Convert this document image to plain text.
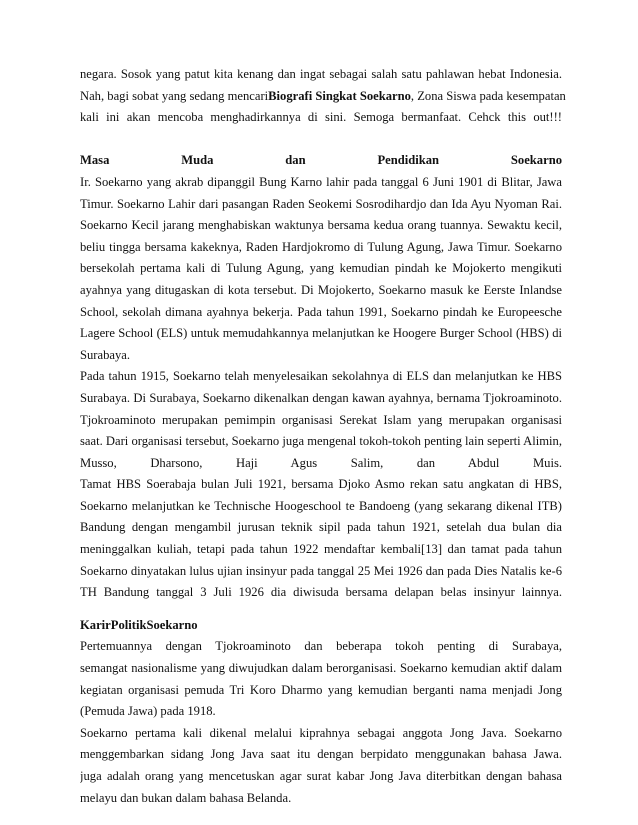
negara. Sosok yang patut kita kenang dan ingat sebagai salah satu pahlawan hebat Indonesia.
Nah, bagi sobat yang sedang mencariBiografi Singkat Soekarno, Zona Siswa pada kesempatan
kali ini akan mencoba menghadirkannya di sini. Semoga bermanfaat. Cehck this out!!!
Masa Muda dan Pendidikan Soekarno
Ir. Soekarno yang akrab dipanggil Bung Karno lahir pada tanggal 6 Juni 1901 di Blitar, Jawa
Timur. Soekarno Lahir dari pasangan Raden Seokemi Sosrodihardjo dan Ida Ayu Nyoman Rai.
Soekarno Kecil jarang menghabiskan waktunya bersama kedua orang tuannya. Sewaktu kecil,
beliu tingga bersama kakeknya, Raden Hardjokromo di Tulung Agung, Jawa Timur. Soekarno
bersekolah pertama kali di Tulung Agung, yang kemudian pindah ke Mojokerto mengikuti
ayahnya yang ditugaskan di kota tersebut. Di Mojokerto, Soekarno masuk ke Eerste Inlandse
School, sekolah dimana ayahnya bekerja. Pada tahun 1991, Soekarno pindah ke Europeesche
Lagere School (ELS) untuk memudahkannya melanjutkan ke Hoogere Burger School (HBS) di
Surabaya.
Pada tahun 1915, Soekarno telah menyelesaikan sekolahnya di ELS dan melanjutkan ke HBS
Surabaya. Di Surabaya, Soekarno dikenalkan dengan kawan ayahnya, bernama Tjokroaminoto.
Tjokroaminoto merupakan pemimpin organisasi Serekat Islam yang merupakan organisasi
saat. Dari organisasi tersebut, Soekarno juga mengenal tokoh-tokoh penting lain seperti Alimin,
Musso, Dharsono, Haji Agus Salim, dan Abdul Muis.
Tamat HBS Soerabaja bulan Juli 1921, bersama Djoko Asmo rekan satu angkatan di HBS,
Soekarno melanjutkan ke Technische Hoogeschool te Bandoeng (yang sekarang dikenal ITB)
Bandung dengan mengambil jurusan teknik sipil pada tahun 1921, setelah dua bulan dia
meninggalkan kuliah, tetapi pada tahun 1922 mendaftar kembali[13] dan tamat pada tahun
Soekarno dinyatakan lulus ujian insinyur pada tanggal 25 Mei 1926 dan pada Dies Natalis ke-6
TH Bandung tanggal 3 Juli 1926 dia diwisuda bersama delapan belas insinyur lainnya.
KarirPolitikSoekarno
Pertemuannya dengan Tjokroaminoto dan beberapa tokoh penting di Surabaya,
semangat nasionalisme yang diwujudkan dalam berorganisasi. Soekarno kemudian aktif dalam
kegiatan organisasi pemuda Tri Koro Dharmo yang kemudian berganti nama menjadi Jong
(Pemuda Jawa) pada 1918.
Soekarno pertama kali dikenal melalui kiprahnya sebagai anggota Jong Java. Soekarno
menggembarkan sidang Jong Java saat itu dengan berpidato menggunakan bahasa Jawa.
juga adalah orang yang mencetuskan agar surat kabar Jong Java diterbitkan dengan bahasa
melayu dan bukan dalam bahasa Belanda.
